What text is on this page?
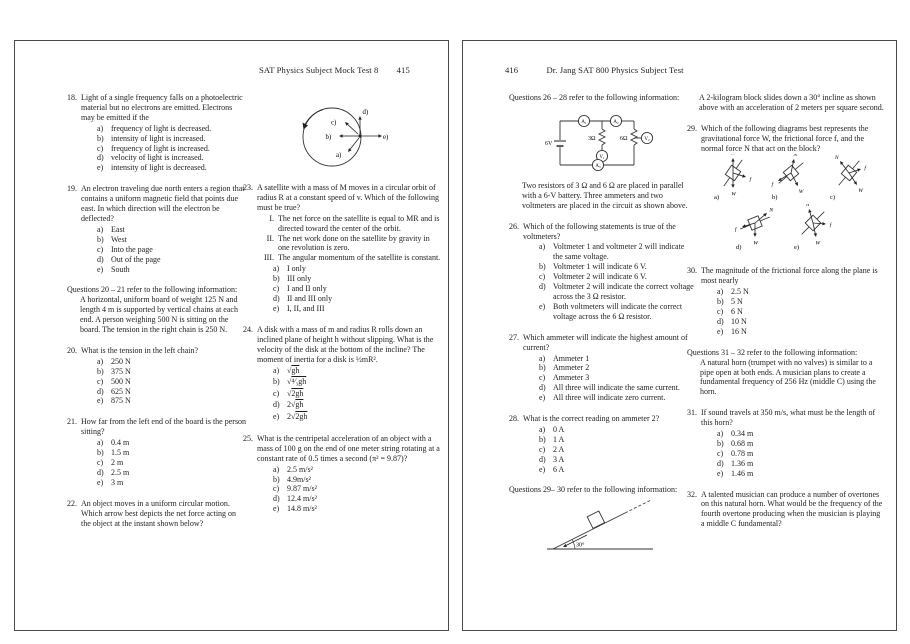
SAT Physics Subject Mock Test 8 415
18. Light of a single frequency falls on a photoelectric material but no electrons are emitted. Electrons may be emitted if the
a) frequency of light is decreased.
b) intensity of light is increased.
c) frequency of light is increased.
d) velocity of light is increased.
e) intensity of light is decreased.
19. An electron traveling due north enters a region that contains a uniform magnetic field that points due east. In which direction will the electron be deflected?
a) East
b) West
c) Into the page
d) Out of the page
e) South
Questions 20 – 21 refer to the following information:
A horizontal, uniform board of weight 125 N and length 4 m is supported by vertical chains at each end. A person weighing 500 N is sitting on the board. The tension in the right chain is 250 N.
20. What is the tension in the left chain?
a) 250 N
b) 375 N
c) 500 N
d) 625 N
e) 875 N
21. How far from the left end of the board is the person sitting?
a) 0.4 m
b) 1.5 m
c) 2 m
d) 2.5 m
e) 3 m
22. An object moves in a uniform circular motion. Which arrow best depicts the net force acting on the object at the instant shown below?
d)
e)
b)
a)
c)
23. A satellite with a mass of M moves in a circular orbit of radius R at a constant speed of v. Which of the following must be true?
I. The net force on the satellite is equal to MR and is directed toward the center of the orbit.
II. The net work done on the satellite by gravity in one revolution is zero.
III. The angular momentum of the satellite is constant.
a) I only
b) III only
c) I and II only
d) II and III only
e) I, II, and III
24. A disk with a mass of m and radius R rolls down an inclined plane of height h without slipping. What is the velocity of the disk at the bottom of the incline? The moment of inertia for a disk is ½mR².
a) √gh
b) √⁴⁄₃gh
c) √2gh
d) 2√gh
e) 2√2gh
25. What is the centripetal acceleration of an object with a mass of 100 g on the end of one meter string rotating at a constant rate of 0.5 times a second (π² = 9.87)?
a) 2.5 m/s²
b) 4.9m/s²
c) 9.87 m/s²
d) 12.4 m/s²
e) 14.8 m/s²
416	Dr. Jang SAT 800 Physics Subject Test
Questions 26 – 28 refer to the following information:
6V
A₁	A₂
3Ω
V₁
6Ω	V₂
A₃
Two resistors of 3 Ω and 6 Ω are placed in parallel with a 6-V battery. Three ammeters and two voltmeters are placed in the circuit as shown above.
26. Which of the following statements is true of the voltmeters?
a) Voltmeter 1 and voltmeter 2 will indicate the same voltage.
b) Voltmeter 1 will indicate 6 V.
c) Voltmeter 2 will indicate 6 V.
d) Voltmeter 2 will indicate the correct voltage across the 3 Ω resistor.
e) Both voltmeters will indicate the correct voltage across the 6 Ω resistor.
27. Which ammeter will indicate the highest amount of current?
a) Ammeter 1
b) Ammeter 2
c) Ammeter 3
d) All three will indicate the same current.
e) All three will indicate zero current.
28. What is the correct reading on ammeter 2?
a) 0 A
b) 1 A
c) 2 A
d) 3 A
e) 6 A
Questions 29– 30 refer to the following information:
30°
A 2-kilogram block slides down a 30° incline as shown above with an acceleration of 2 meters per square second.
29. Which of the following diagrams best represents the gravitational force W, the frictional force f, and the normal force N that act on the block?
f
W
a)
N
f
W
b)
N
f
W
c)
N
f
W
d)
N
f
W
e)
30. The magnitude of the frictional force along the plane is most nearly
a) 2.5 N
b) 5 N
c) 6 N
d) 10 N
e) 16 N
Questions 31 – 32 refer to the following information:
A natural horn (trumpet with no valves) is similar to a pipe open at both ends. A musician plans to create a fundamental frequency of 256 Hz (middle C) using the horn.
31. If sound travels at 350 m/s, what must be the length of this horn?
a) 0.34 m
b) 0.68 m
c) 0.78 m
d) 1.36 m
e) 1.46 m
32. A talented musician can produce a number of overtones on this natural horn. What would be the frequency of the fourth overtone producing when the musician is playing a middle C fundamental?
